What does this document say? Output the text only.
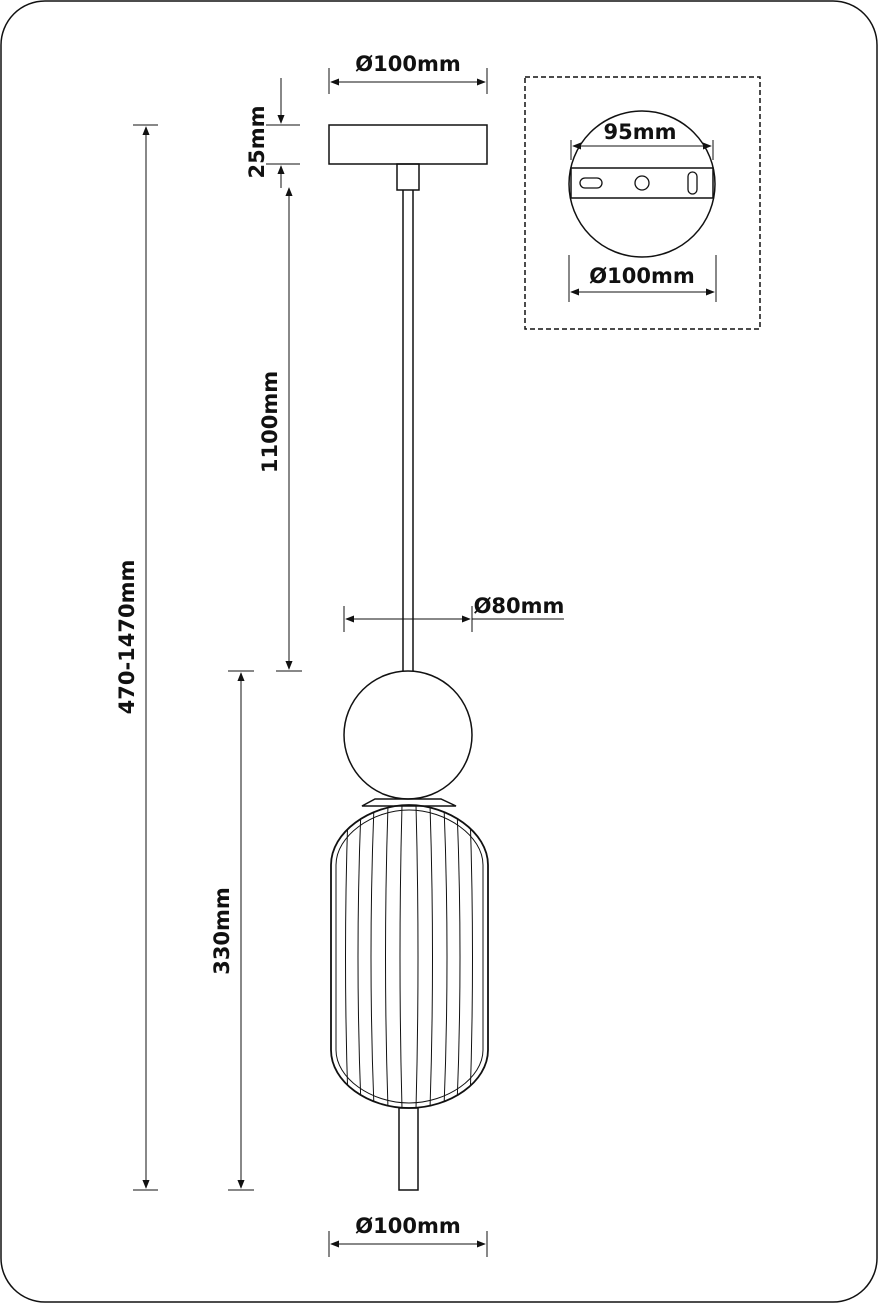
Ø100mm
25mm
1100mm
470-1470mm	Ø80mm
330mm
Ø100mm
95mm
Ø100mm
